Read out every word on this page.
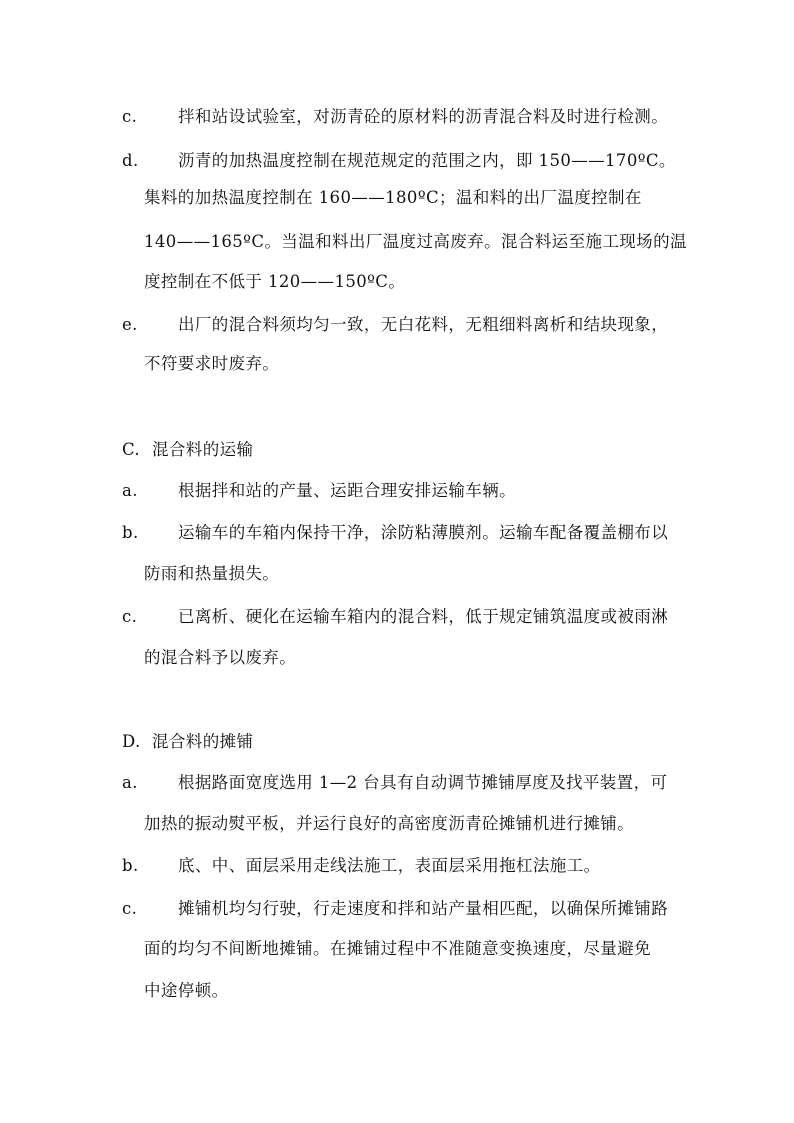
c. 拌和站设试验室，对沥青砼的原材料的沥青混合料及时进行检测。
d. 沥青的加热温度控制在规范规定的范围之内，即 150——170ºC。
集料的加热温度控制在 160——180ºC；温和料的出厂温度控制在
140——165ºC。当温和料出厂温度过高废弃。混合料运至施工现场的温
度控制在不低于 120——150ºC。
e. 出厂的混合料须均匀一致，无白花料，无粗细料离析和结块现象，
不符要求时废弃。
C. 混合料的运输
a. 根据拌和站的产量、运距合理安排运输车辆。
b. 运输车的车箱内保持干净，涂防粘薄膜剂。运输车配备覆盖棚布以
防雨和热量损失。
c. 已离析、硬化在运输车箱内的混合料，低于规定铺筑温度或被雨淋
的混合料予以废弃。
D. 混合料的摊铺
a. 根据路面宽度选用 1—2 台具有自动调节摊铺厚度及找平装置，可
加热的振动熨平板，并运行良好的高密度沥青砼摊铺机进行摊铺。
b. 底、中、面层采用走线法施工，表面层采用拖杠法施工。
c. 摊铺机均匀行驶，行走速度和拌和站产量相匹配，以确保所摊铺路
面的均匀不间断地摊铺。在摊铺过程中不准随意变换速度，尽量避免
中途停顿。
